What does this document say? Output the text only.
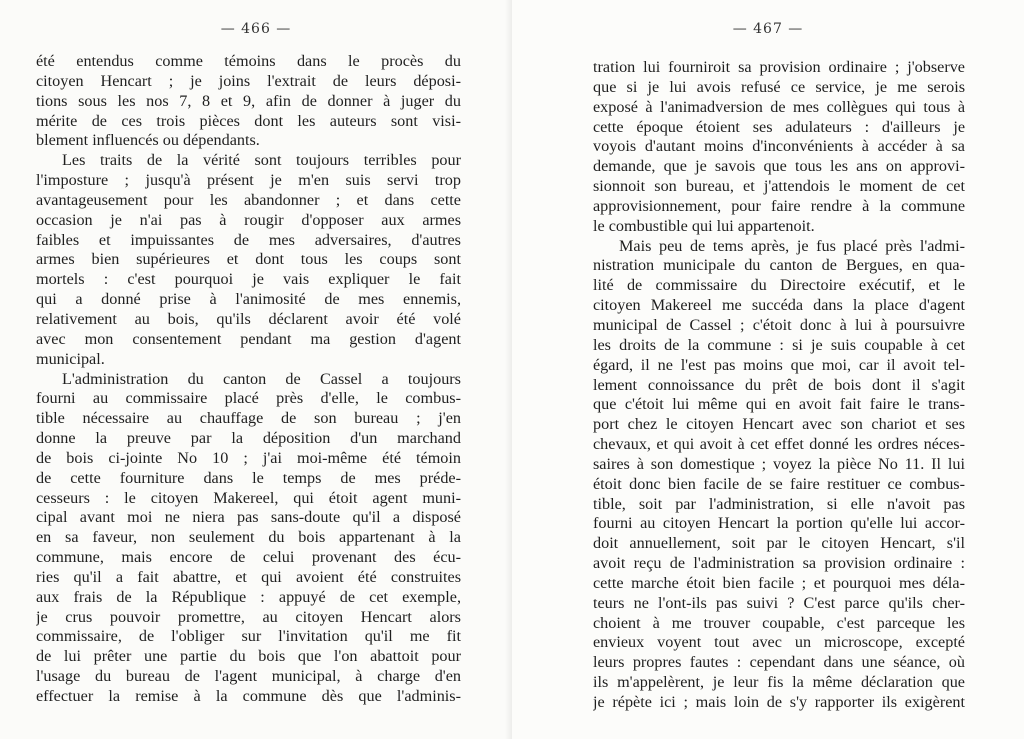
— 466 —
été entendus comme témoins dans le procès du
citoyen Hencart ; je joins l'extrait de leurs déposi-
tions sous les nos 7, 8 et 9, afin de donner à juger du
mérite de ces trois pièces dont les auteurs sont visi-
blement influencés ou dépendants.
Les traits de la vérité sont toujours terribles pour
l'imposture ; jusqu'à présent je m'en suis servi trop
avantageusement pour les abandonner ; et dans cette
occasion je n'ai pas à rougir d'opposer aux armes
faibles et impuissantes de mes adversaires, d'autres
armes bien supérieures et dont tous les coups sont
mortels : c'est pourquoi je vais expliquer le fait
qui a donné prise à l'animosité de mes ennemis,
relativement au bois, qu'ils déclarent avoir été volé
avec mon consentement pendant ma gestion d'agent
municipal.
L'administration du canton de Cassel a toujours
fourni au commissaire placé près d'elle, le combus-
tible nécessaire au chauffage de son bureau ; j'en
donne la preuve par la déposition d'un marchand
de bois ci-jointe No 10 ; j'ai moi-même été témoin
de cette fourniture dans le temps de mes préde-
cesseurs : le citoyen Makereel, qui étoit agent muni-
cipal avant moi ne niera pas sans-doute qu'il a disposé
en sa faveur, non seulement du bois appartenant à la
commune, mais encore de celui provenant des écu-
ries qu'il a fait abattre, et qui avoient été construites
aux frais de la République : appuyé de cet exemple,
je crus pouvoir promettre, au citoyen Hencart alors
commissaire, de l'obliger sur l'invitation qu'il me fit
de lui prêter une partie du bois que l'on abattoit pour
l'usage du bureau de l'agent municipal, à charge d'en
effectuer la remise à la commune dès que l'adminis-
— 467 —
tration lui fourniroit sa provision ordinaire ; j'observe
que si je lui avois refusé ce service, je me serois
exposé à l'animadversion de mes collègues qui tous à
cette époque étoient ses adulateurs : d'ailleurs je
voyois d'autant moins d'inconvénients à accéder à sa
demande, que je savois que tous les ans on approvi-
sionnoit son bureau, et j'attendois le moment de cet
approvisionnement, pour faire rendre à la commune
le combustible qui lui appartenoit.
Mais peu de tems après, je fus placé près l'admi-
nistration municipale du canton de Bergues, en qua-
lité de commissaire du Directoire exécutif, et le
citoyen Makereel me succéda dans la place d'agent
municipal de Cassel ; c'étoit donc à lui à poursuivre
les droits de la commune : si je suis coupable à cet
égard, il ne l'est pas moins que moi, car il avoit tel-
lement connoissance du prêt de bois dont il s'agit
que c'étoit lui même qui en avoit fait faire le trans-
port chez le citoyen Hencart avec son chariot et ses
chevaux, et qui avoit à cet effet donné les ordres néces-
saires à son domestique ; voyez la pièce No 11. Il lui
étoit donc bien facile de se faire restituer ce combus-
tible, soit par l'administration, si elle n'avoit pas
fourni au citoyen Hencart la portion qu'elle lui accor-
doit annuellement, soit par le citoyen Hencart, s'il
avoit reçu de l'administration sa provision ordinaire :
cette marche étoit bien facile ; et pourquoi mes déla-
teurs ne l'ont-ils pas suivi ? C'est parce qu'ils cher-
choient à me trouver coupable, c'est parceque les
envieux voyent tout avec un microscope, excepté
leurs propres fautes : cependant dans une séance, où
ils m'appelèrent, je leur fis la même déclaration que
je répète ici ; mais loin de s'y rapporter ils exigèrent
